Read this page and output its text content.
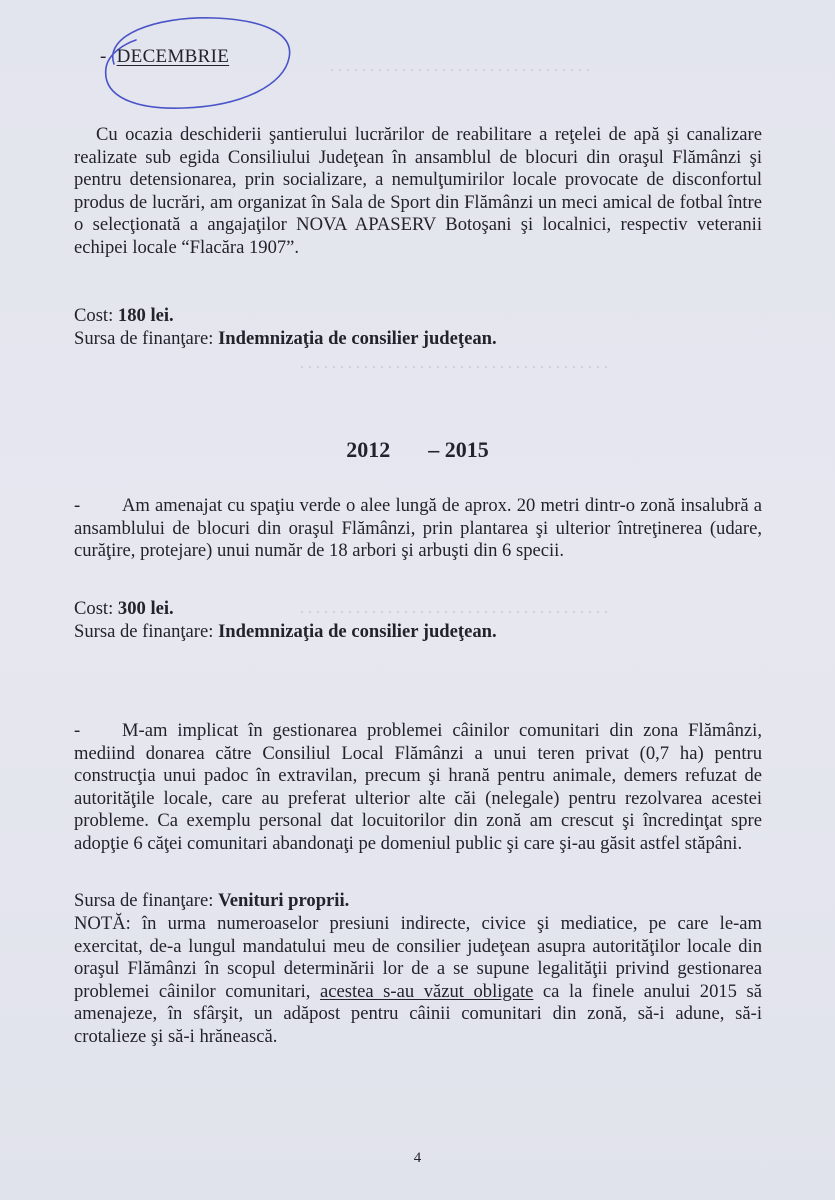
. . . . . . . . . . . . . . . . . . . . . . . . . . . . . . . . .
. . . . . . . . . . . . . . . . . . . . . . . . . . . . . . . . . . . . . . .
. . . . . . . . . . . . . . . . . . . . . . . . . . . . . . . . . . . . . . .
- DECEMBRIE

Cu ocazia deschiderii şantierului lucrărilor de reabilitare a reţelei de apă şi canalizare realizate sub egida Consiliului Judeţean în ansamblul de blocuri din oraşul Flămânzi şi pentru detensionarea, prin socializare, a nemulţumirilor locale provocate de disconfortul produs de lucrări, am organizat în Sala de Sport din Flămânzi un meci amical de fotbal între o selecţionată a angajaţilor NOVA APASERV Botoşani şi localnici, respectiv veteranii echipei locale “Flacăra 1907”.

Cost: 180 lei.
Sursa de finanţare: Indemnizaţia de consilier judeţean.
2012 – 2015

- Am amenajat cu spaţiu verde o alee lungă de aprox. 20 metri dintr-o zonă insalubră a ansamblului de blocuri din oraşul Flămânzi, prin plantarea şi ulterior întreţinerea (udare, curăţire, protejare) unui număr de 18 arbori şi arbuşti din 6 specii.

Cost: 300 lei.
Sursa de finanţare: Indemnizaţia de consilier judeţean.

- M-am implicat în gestionarea problemei câinilor comunitari din zona Flămânzi, mediind donarea către Consiliul Local Flămânzi a unui teren privat (0,7 ha) pentru construcţia unui padoc în extravilan, precum şi hrană pentru animale, demers refuzat de autorităţile locale, care au preferat ulterior alte căi (nelegale) pentru rezolvarea acestei probleme. Ca exemplu personal dat locuitorilor din zonă am crescut şi încredinţat spre adopţie 6 căţei comunitari abandonaţi pe domeniul public şi care şi-au găsit astfel stăpâni.

Sursa de finanţare: Venituri proprii.

NOTĂ: în urma numeroaselor presiuni indirecte, civice şi mediatice, pe care le-am exercitat, de-a lungul mandatului meu de consilier judeţean asupra autorităţilor locale din oraşul Flămânzi în scopul determinării lor de a se supune legalităţii privind gestionarea problemei câinilor comunitari, acestea s-au văzut obligate ca la finele anului 2015 să amenajeze, în sfârşit, un adăpost pentru câinii comunitari din zonă, să-i adune, să-i crotalieze şi să-i hrănească.

4
